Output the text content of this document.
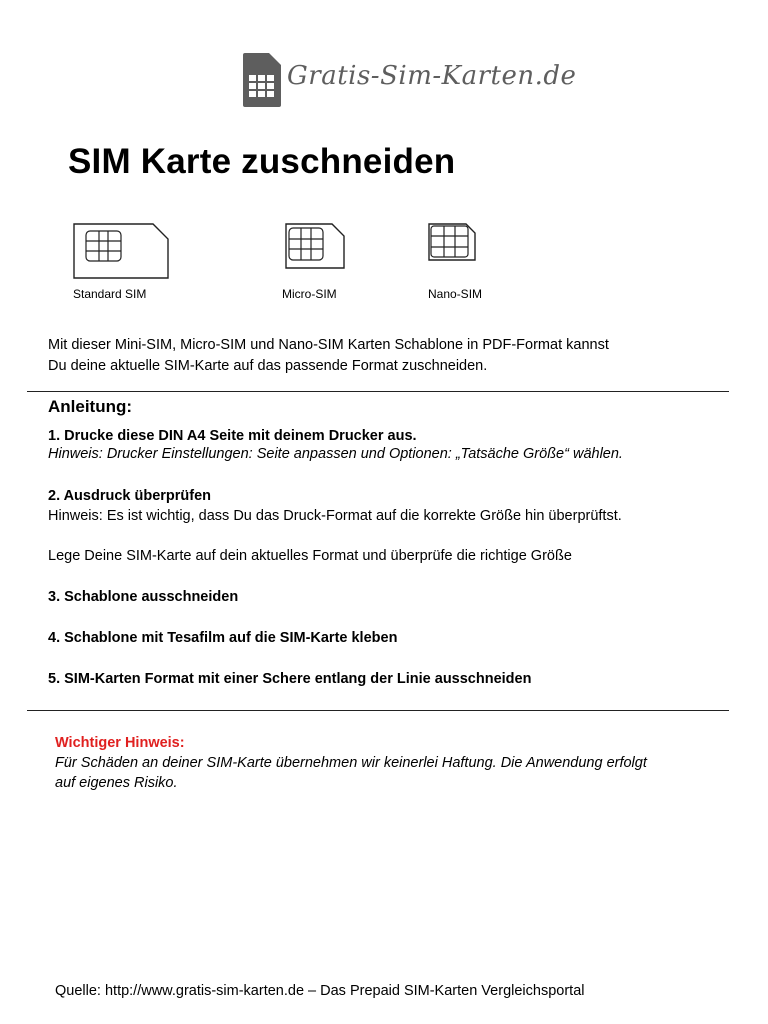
Gratis-Sim-Karten.de
SIM Karte zuschneiden
Standard SIM	Micro-SIM	Nano-SIM
Mit dieser Mini-SIM, Micro-SIM und Nano-SIM Karten Schablone in PDF-Format kannst
Du deine aktuelle SIM-Karte auf das passende Format zuschneiden.
Anleitung:
1. Drucke diese DIN A4 Seite mit deinem Drucker aus.
Hinweis: Drucker Einstellungen: Seite anpassen und Optionen: „Tatsäche Größe“ wählen.
2. Ausdruck überprüfen
Hinweis: Es ist wichtig, dass Du das Druck-Format auf die korrekte Größe hin überprüftst.
Lege Deine SIM-Karte auf dein aktuelles Format und überprüfe die richtige Größe
3. Schablone ausschneiden
4. Schablone mit Tesafilm auf die SIM-Karte kleben
5. SIM-Karten Format mit einer Schere entlang der Linie ausschneiden
Wichtiger Hinweis:
Für Schäden an deiner SIM-Karte übernehmen wir keinerlei Haftung. Die Anwendung erfolgt
auf eigenes Risiko.
Quelle: http://www.gratis-sim-karten.de – Das Prepaid SIM-Karten Vergleichsportal
